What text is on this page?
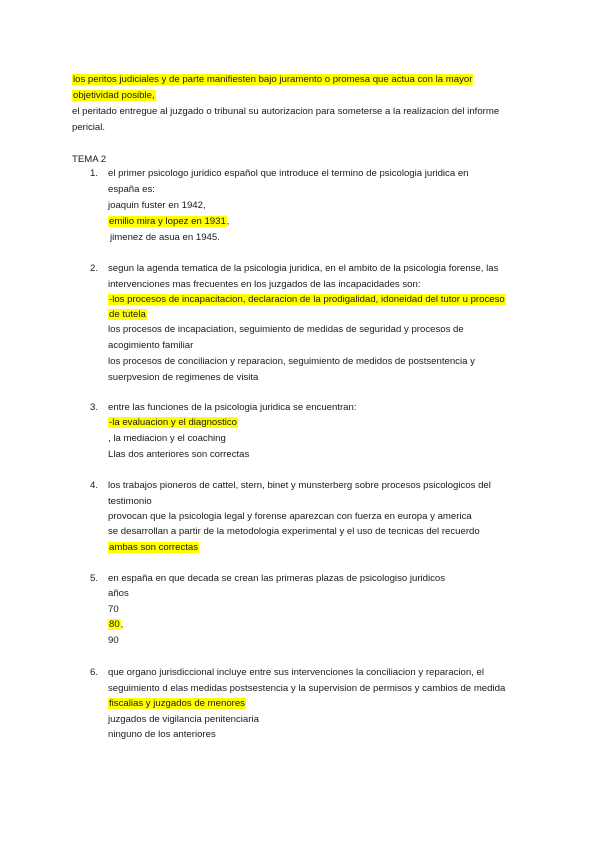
los peritos judiciales y de parte manifiesten bajo juramento o promesa que actua con la mayor
objetividad posible,
el peritado entregue al juzgado o tribunal su autorizacion para someterse a la realizacion del informe
pericial.
TEMA 2
1. el primer psicologo juridico español que introduce el termino de psicologia juridica en
españa es:
joaquin fuster en 1942,
emilio mira y lopez en 1931,
jimenez de asua en 1945.
2. segun la agenda tematica de la psicologia juridica, en el ambito de la psicologia forense, las
intervenciones mas frecuentes en los juzgados de las incapacidades son:
-los procesos de incapacitacion, declaracion de la prodigalidad, idoneidad del tutor u proceso
de tutela
los procesos de incapaciation, seguimiento de medidas de seguridad y procesos de
acogimiento familiar
los procesos de conciliacion y reparacion, seguimiento de medidos de postsentencia y
suerpvesion de regimenes de visita
3. entre las funciones de la psicologia juridica se encuentran:
-la evaluacion y el diagnostico
, la mediacion y el coaching
Llas dos anteriores son correctas
4. los trabajos pioneros de cattel, stern, binet y munsterberg sobre procesos psicologicos del
testimonio
provocan que la psicologia legal y forense aparezcan con fuerza en europa y america
se desarrollan a partir de la metodologia experimental y el uso de tecnicas del recuerdo
ambas son correctas
5. en españa en que decada se crean las primeras plazas de psicologiso juridicos
años
70
80,
90
6. que organo jurisdiccional incluye entre sus intervenciones la conciliacion y reparacion, el
seguimiento d elas medidas postsestencia y la supervision de permisos y cambios de medida
fiscalias y juzgados de menores
juzgados de vigilancia penitenciaria
ninguno de los anteriores
